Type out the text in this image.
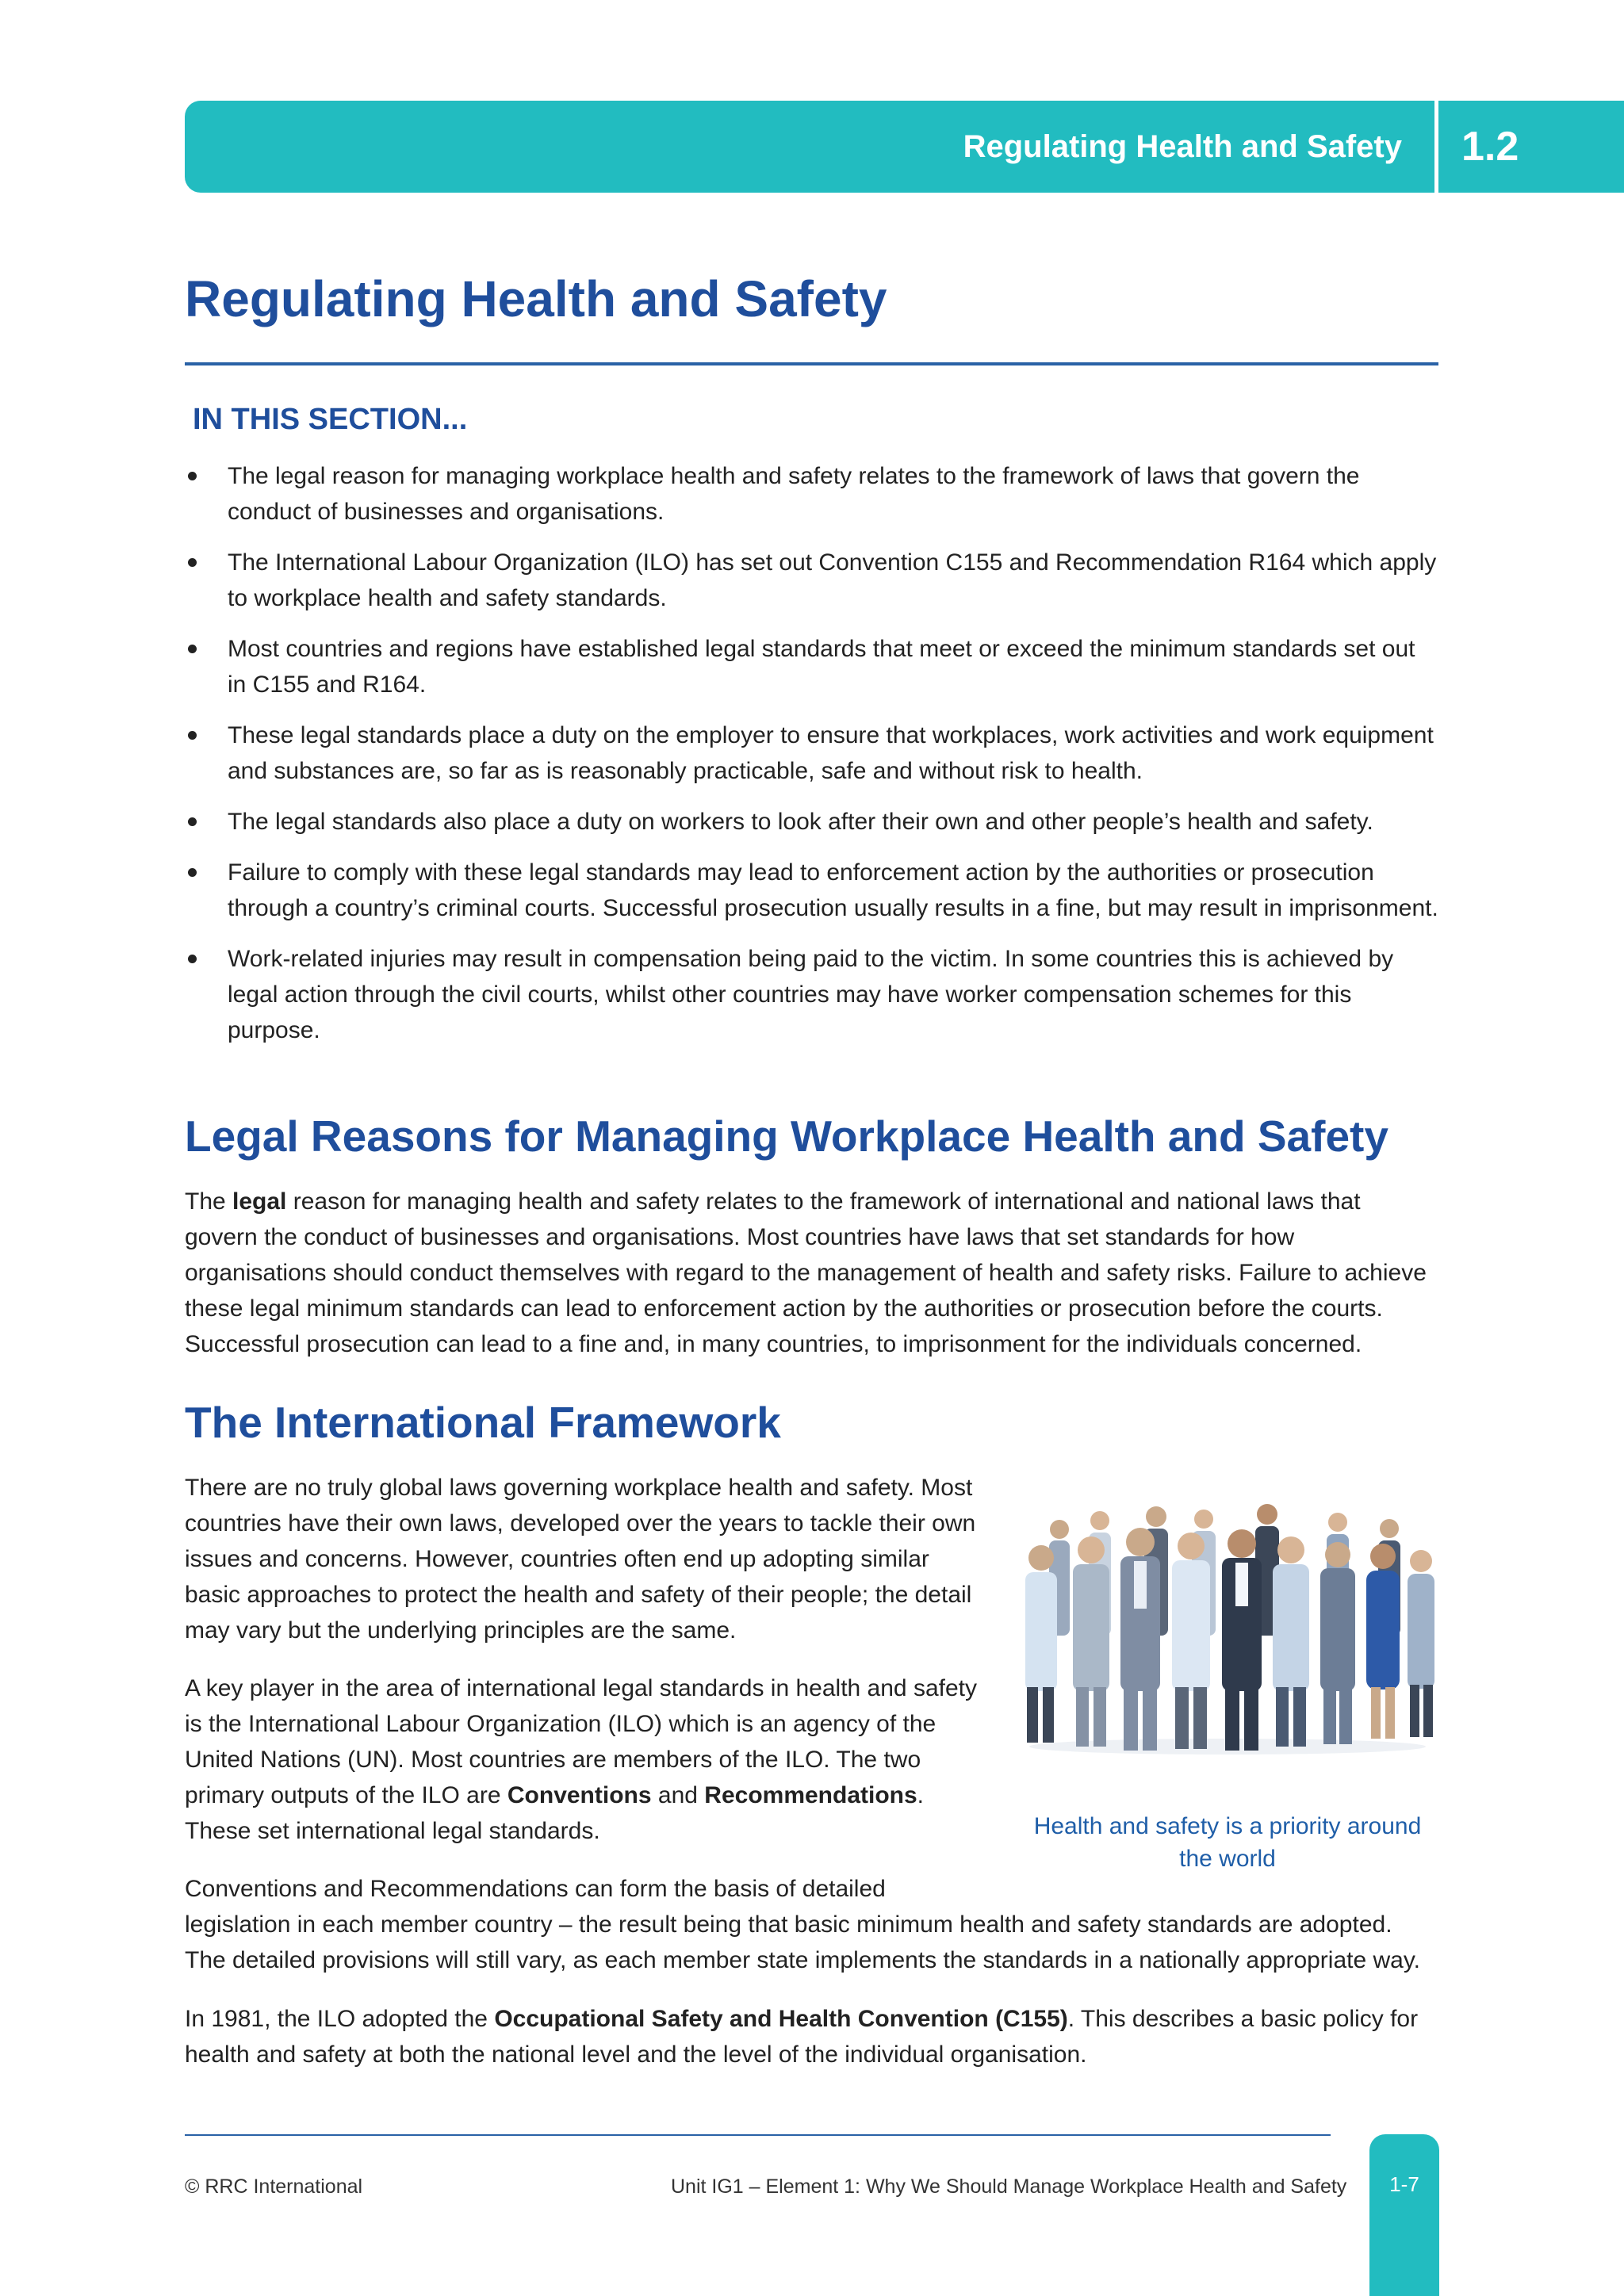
Regulating Health and Safety 1.2
Regulating Health and Safety
IN THIS SECTION...
The legal reason for managing workplace health and safety relates to the framework of laws that govern the conduct of businesses and organisations.
The International Labour Organization (ILO) has set out Convention C155 and Recommendation R164 which apply to workplace health and safety standards.
Most countries and regions have established legal standards that meet or exceed the minimum standards set out in C155 and R164.
These legal standards place a duty on the employer to ensure that workplaces, work activities and work equipment and substances are, so far as is reasonably practicable, safe and without risk to health.
The legal standards also place a duty on workers to look after their own and other people’s health and safety.
Failure to comply with these legal standards may lead to enforcement action by the authorities or prosecution through a country’s criminal courts. Successful prosecution usually results in a fine, but may result in imprisonment.
Work-related injuries may result in compensation being paid to the victim. In some countries this is achieved by legal action through the civil courts, whilst other countries may have worker compensation schemes for this purpose.
Legal Reasons for Managing Workplace Health and Safety

The legal reason for managing health and safety relates to the framework of international and national laws that govern the conduct of businesses and organisations. Most countries have laws that set standards for how organisations should conduct themselves with regard to the management of health and safety risks. Failure to achieve these legal minimum standards can lead to enforcement action by the authorities or prosecution before the courts. Successful prosecution can lead to a fine and, in many countries, to imprisonment for the individuals concerned.

The International Framework

There are no truly global laws governing workplace health and safety. Most countries have their own laws, developed over the years to tackle their own issues and concerns. However, countries often end up adopting similar basic approaches to protect the health and safety of their people; the detail may vary but the underlying principles are the same.

A key player in the area of international legal standards in health and safety is the International Labour Organization (ILO) which is an agency of the United Nations (UN). Most countries are members of the ILO. The two primary outputs of the ILO are Conventions and Recommendations. These set international legal standards.	Health and safety is a priority around the world

Conventions and Recommendations can form the basis of detailed

legislation in each member country – the result being that basic minimum health and safety standards are adopted. The detailed provisions will still vary, as each member state implements the standards in a nationally appropriate way.

In 1981, the ILO adopted the Occupational Safety and Health Convention (C155). This describes a basic policy for health and safety at both the national level and the level of the individual organisation.

© RRC International	Unit IG1 – Element 1: Why We Should Manage Workplace Health and Safety	1-7
